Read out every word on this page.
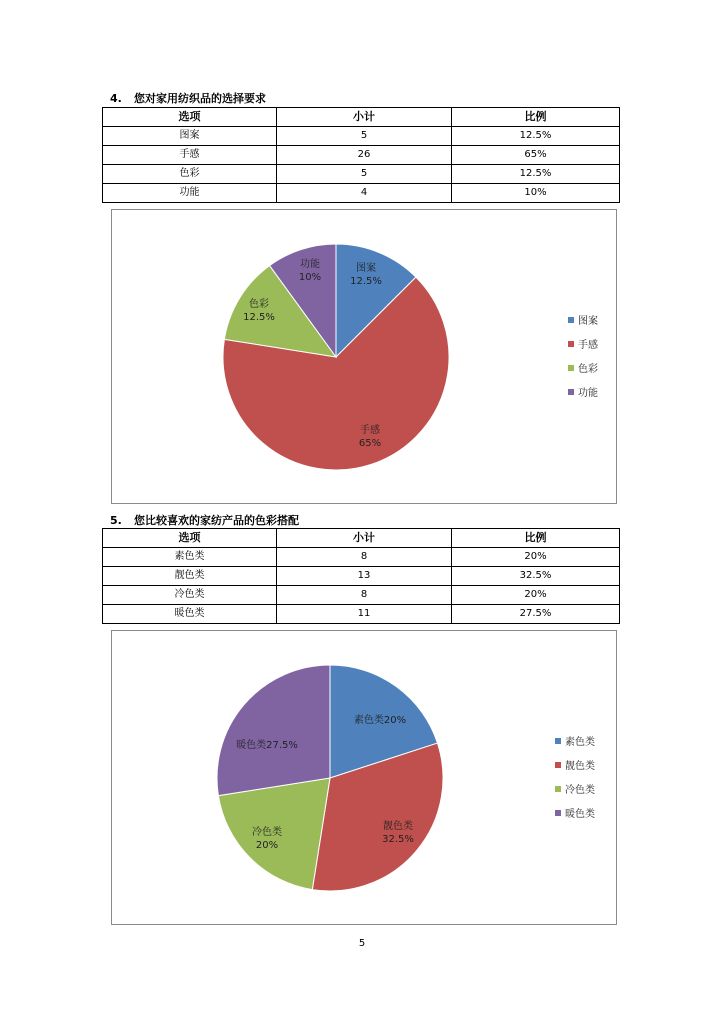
4. 您对家用纺织品的选择要求
选项	小计	比例
图案	5	12.5%
手感	26	65%
色彩	5	12.5%
功能	4	10%
图案
12.5%
手感
65%
色彩
12.5%
功能
10%
图案
手感
色彩
功能
5. 您比较喜欢的家纺产品的色彩搭配
选项	小计	比例
素色类	8	20%
靓色类	13	32.5%
冷色类	8	20%
暖色类	11	27.5%
素色类20%
靓色类
32.5%
冷色类
20%
暖色类27.5%	素色类
靓色类
冷色类
暖色类
5
